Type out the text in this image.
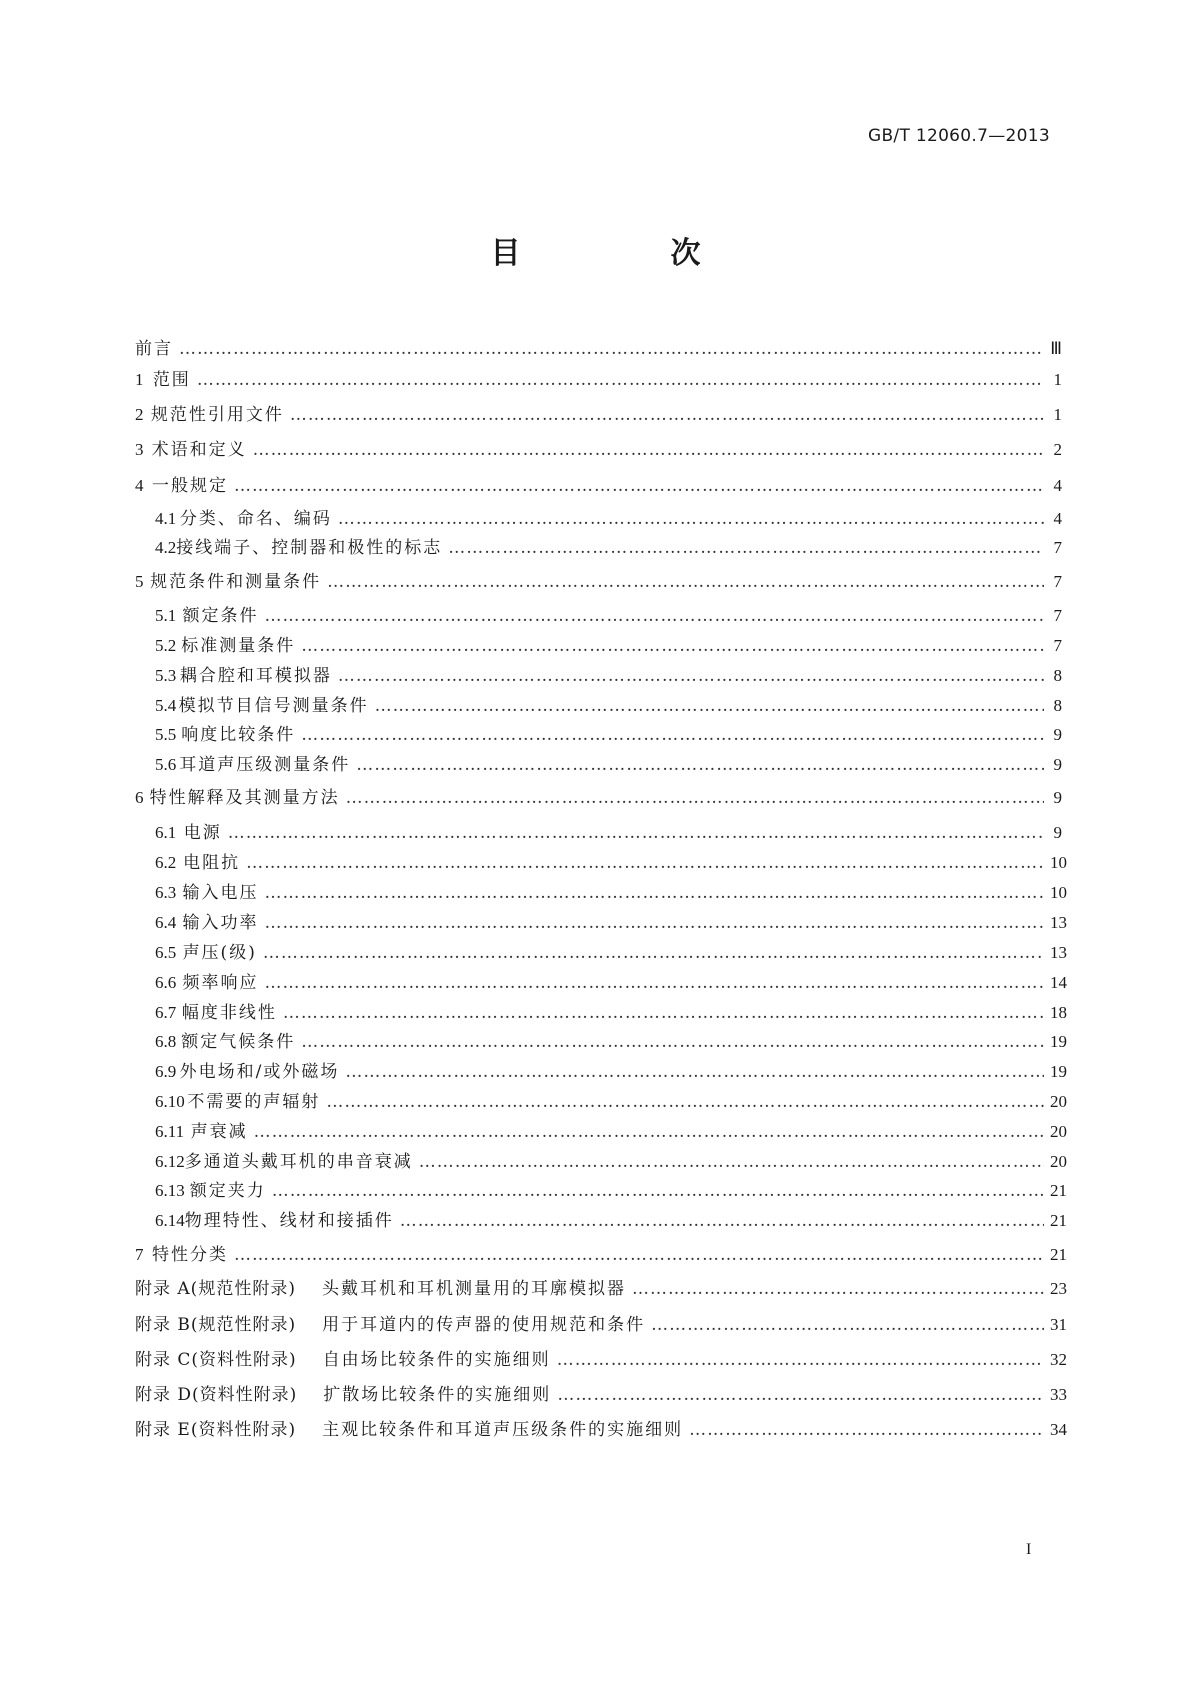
GB/T 12060.7—2013
目　次
前言 ……………………………………………………………………………………………………………………………………………………………………………………………………	Ⅲ
1 范围 ……………………………………………………………………………………………………………………………………………………………………………………………………	1
2 规范性引用文件 ……………………………………………………………………………………………………………………………………………………………………………………………………	1
3 术语和定义 ……………………………………………………………………………………………………………………………………………………………………………………………………	2
4 一般规定 ……………………………………………………………………………………………………………………………………………………………………………………………………	4
4.1 分类、命名、编码 ……………………………………………………………………………………………………………………………………………………………………………………………………	4
4.2 接线端子、控制器和极性的标志 ……………………………………………………………………………………………………………………………………………………………………………………………………	7
5 规范条件和测量条件 ……………………………………………………………………………………………………………………………………………………………………………………………………	7
5.1 额定条件 ……………………………………………………………………………………………………………………………………………………………………………………………………	7
5.2 标准测量条件 ……………………………………………………………………………………………………………………………………………………………………………………………………	7
5.3 耦合腔和耳模拟器 ……………………………………………………………………………………………………………………………………………………………………………………………………	8
5.4 模拟节目信号测量条件 ……………………………………………………………………………………………………………………………………………………………………………………………………	8
5.5 响度比较条件 ……………………………………………………………………………………………………………………………………………………………………………………………………	9
5.6 耳道声压级测量条件 ……………………………………………………………………………………………………………………………………………………………………………………………………	9
6 特性解释及其测量方法 ……………………………………………………………………………………………………………………………………………………………………………………………………	9
6.1 电源 ……………………………………………………………………………………………………………………………………………………………………………………………………	9
6.2 电阻抗 ……………………………………………………………………………………………………………………………………………………………………………………………………	10
6.3 输入电压 ……………………………………………………………………………………………………………………………………………………………………………………………………	10
6.4 输入功率 ……………………………………………………………………………………………………………………………………………………………………………………………………	13
6.5 声压(级) ……………………………………………………………………………………………………………………………………………………………………………………………………	13
6.6 频率响应 ……………………………………………………………………………………………………………………………………………………………………………………………………	14
6.7 幅度非线性 ……………………………………………………………………………………………………………………………………………………………………………………………………	18
6.8 额定气候条件 ……………………………………………………………………………………………………………………………………………………………………………………………………	19
6.9 外电场和/或外磁场 ……………………………………………………………………………………………………………………………………………………………………………………………………	19
6.10 不需要的声辐射 ……………………………………………………………………………………………………………………………………………………………………………………………………	20
6.11 声衰减 ……………………………………………………………………………………………………………………………………………………………………………………………………	20
6.12 多通道头戴耳机的串音衰减 ……………………………………………………………………………………………………………………………………………………………………………………………………	20
6.13 额定夹力 ……………………………………………………………………………………………………………………………………………………………………………………………………	21
6.14 物理特性、线材和接插件 ……………………………………………………………………………………………………………………………………………………………………………………………………	21
7 特性分类 ……………………………………………………………………………………………………………………………………………………………………………………………………	21
附录 A(规范性附录) 头戴耳机和耳机测量用的耳廓模拟器 ……………………………………………………………………………………………………………………………………………………………………………………………………	23
附录 B(规范性附录) 用于耳道内的传声器的使用规范和条件 ……………………………………………………………………………………………………………………………………………………………………………………………………	31
附录 C(资料性附录) 自由场比较条件的实施细则 ……………………………………………………………………………………………………………………………………………………………………………………………………	32
附录 D(资料性附录) 扩散场比较条件的实施细则 ……………………………………………………………………………………………………………………………………………………………………………………………………	33
附录 E(资料性附录) 主观比较条件和耳道声压级条件的实施细则 ……………………………………………………………………………………………………………………………………………………………………………………………………	34
I
